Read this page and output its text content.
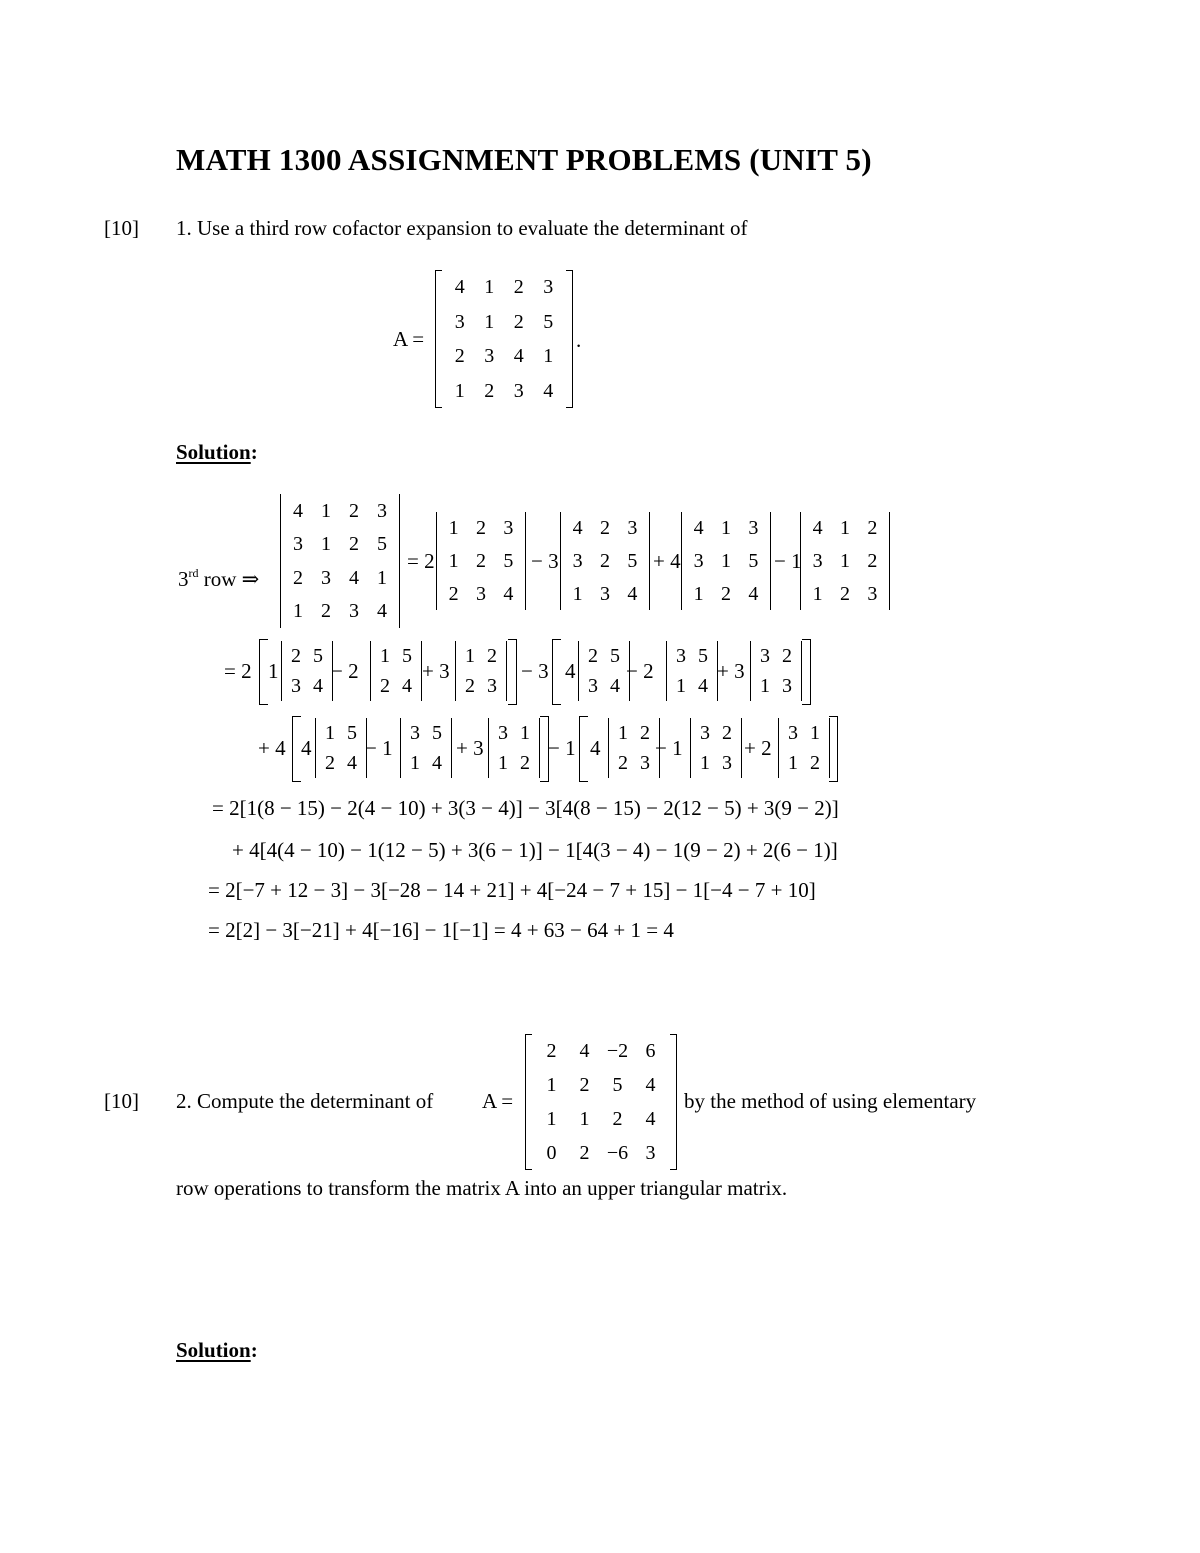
MATH 1300 ASSIGNMENT PROBLEMS (UNIT 5)
[10] 1. Use a third row cofactor expansion to evaluate the determinant of
A =
4 1 2 3
3 1 2 5
2 3 4 1
1 2 3 4
.
Solution:
3rd row ⇒
4 1 2 3
3 1 2 5
2 3 4 1
1 2 3 4
= 2
1 2 3
1 2 5
2 3 4
− 3
4 2 3
3 2 5
1 3 4
+ 4
4 1 3
3 1 5
1 2 4
− 1
4 1 2
3 1 2
1 2 3
= 2[1(8 − 15) − 2(4 − 10) + 3(3 − 4)] − 3[4(8 − 15) − 2(12 − 5) + 3(9 − 2)]
+ 4[4(4 − 10) − 1(12 − 5) + 3(6 − 1)] − 1[4(3 − 4) − 1(9 − 2) + 2(6 − 1)]
= 2[−7 + 12 − 3] − 3[−28 − 14 + 21] + 4[−24 − 7 + 15] − 1[−4 − 7 + 10]
= 2[2] − 3[−21] + 4[−16] − 1[−1] = 4 + 63 − 64 + 1 = 4
[10] 2. Compute the determinant of A =
2	4 −2 6
1	2	5	4
1	1	2	4
0	2 −6 3
by the method of using elementary
row operations to transform the matrix A into an upper triangular matrix.
Solution:
= 2 1	− 2	+ 3	− 3 4 − 2	+ 3
2 5
3 4
1 5
2 4
1 2
2 3
2 5
3 4
3 5
1 4
3 2
1 3
+ 4 4	− 1	+ 3	− 1 4	− 1	+ 2
1 5
2 4
3 5
1 4
3 1
1 2
1 2
2 3
3 2
1 3
3 1
1 2
